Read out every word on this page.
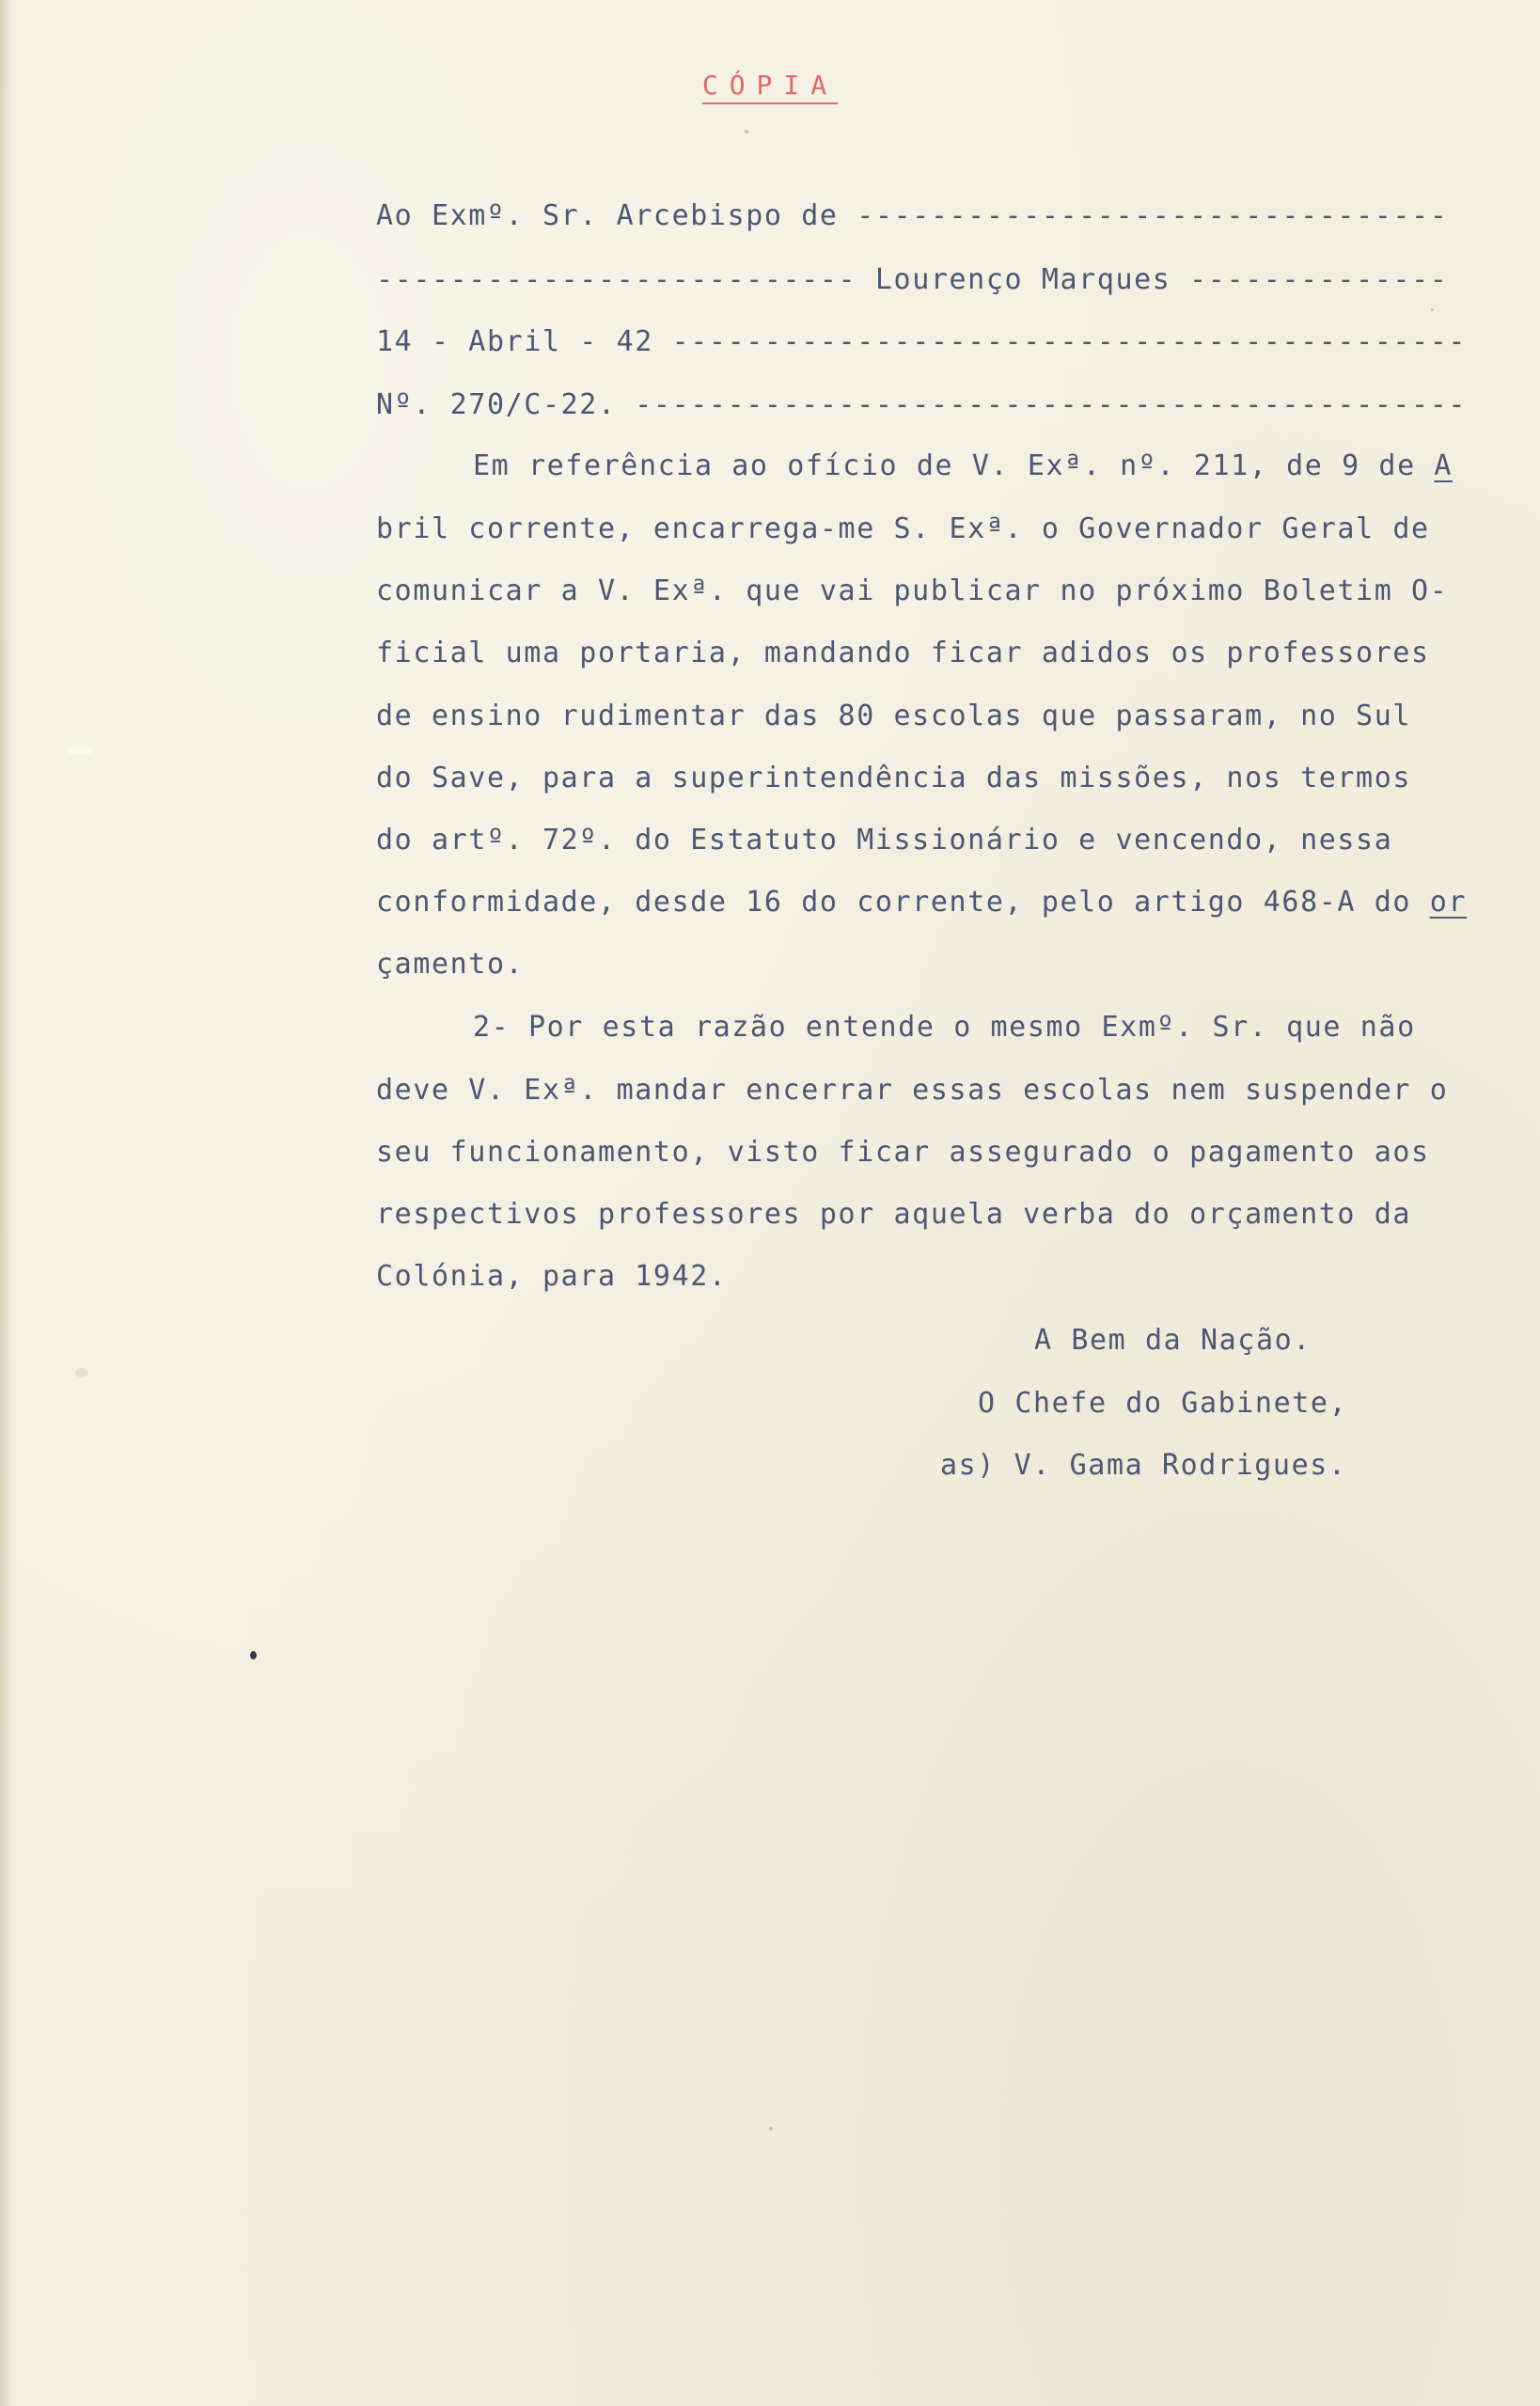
CÓPIA

Ao Exmº. Sr. Arcebispo de --------------------------------

-------------------------- Lourenço Marques --------------

14 - Abril - 42 -------------------------------------------

Nº. 270/C-22. ---------------------------------------------

Em referência ao ofício de V. Exª. nº. 211, de 9 de A

bril corrente, encarrega-me S. Exª. o Governador Geral de

comunicar a V. Exª. que vai publicar no próximo Boletim O-

ficial uma portaria, mandando ficar adidos os professores

de ensino rudimentar das 80 escolas que passaram, no Sul

do Save, para a superintendência das missões, nos termos

do artº. 72º. do Estatuto Missionário e vencendo, nessa

conformidade, desde 16 do corrente, pelo artigo 468-A do or

çamento.

2- Por esta razão entende o mesmo Exmº. Sr. que não

deve V. Exª. mandar encerrar essas escolas nem suspender o

seu funcionamento, visto ficar assegurado o pagamento aos

respectivos professores por aquela verba do orçamento da

Colónia, para 1942.

A Bem da Nação.

O Chefe do Gabinete,

as) V. Gama Rodrigues.
